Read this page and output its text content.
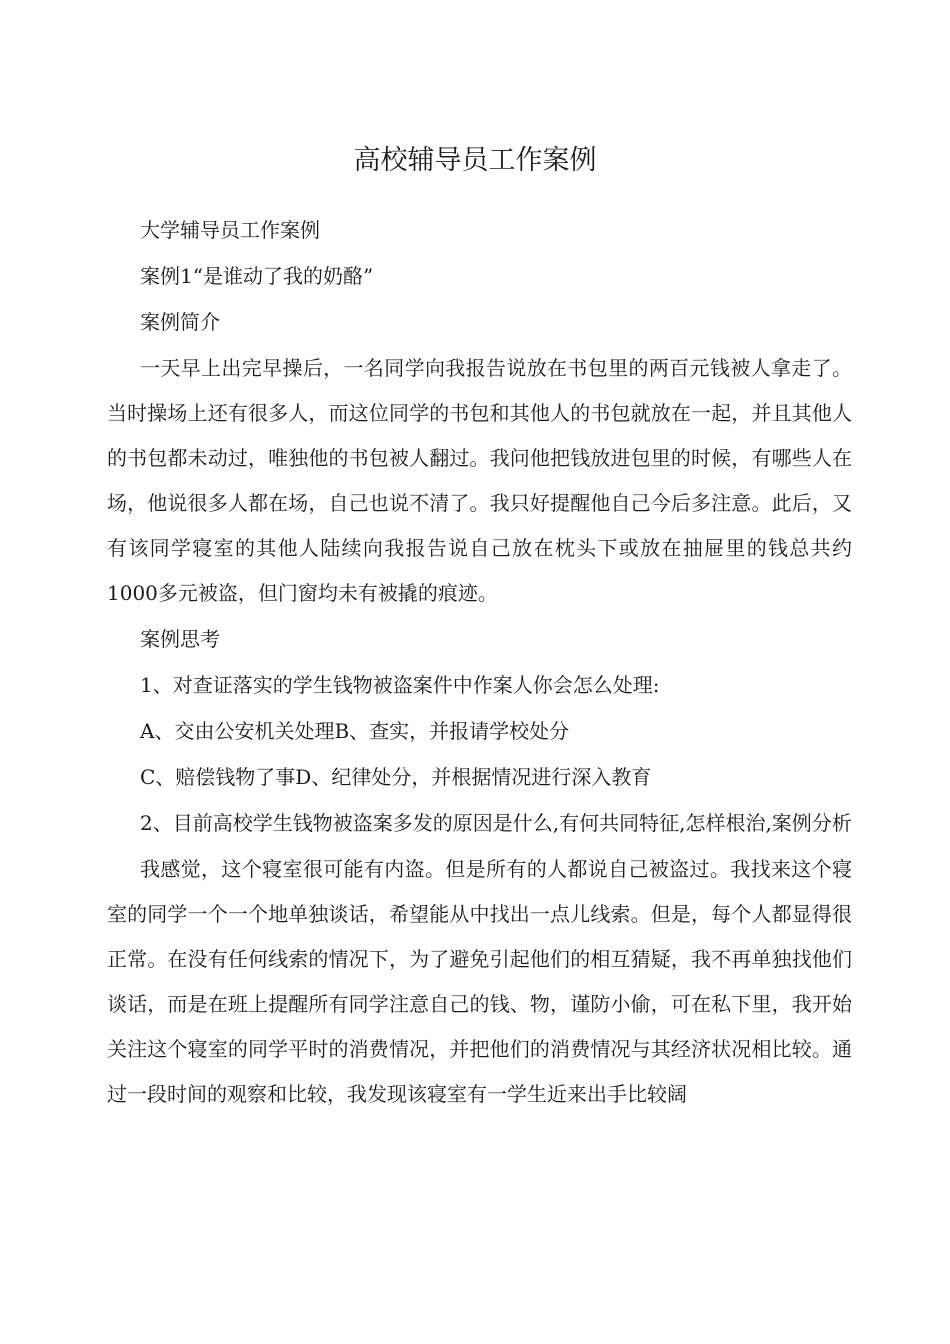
高校辅导员工作案例

大学辅导员工作案例

案例1“是谁动了我的奶酪”

案例简介

一天早上出完早操后，一名同学向我报告说放在书包里的两百元钱被人拿走了。当时操场上还有很多人，而这位同学的书包和其他人的书包就放在一起，并且其他人的书包都未动过，唯独他的书包被人翻过。我问他把钱放进包里的时候，有哪些人在场，他说很多人都在场，自己也说不清了。我只好提醒他自己今后多注意。此后，又有该同学寝室的其他人陆续向我报告说自己放在枕头下或放在抽屉里的钱总共约1000多元被盗，但门窗均未有被撬的痕迹。

案例思考

1、对查证落实的学生钱物被盗案件中作案人你会怎么处理:

A、交由公安机关处理B、查实，并报请学校处分

C、赔偿钱物了事D、纪律处分，并根据情况进行深入教育

2、目前高校学生钱物被盗案多发的原因是什么,有何共同特征,怎样根治,案例分析

我感觉，这个寝室很可能有内盗。但是所有的人都说自己被盗过。我找来这个寝室的同学一个一个地单独谈话，希望能从中找出一点儿线索。但是，每个人都显得很正常。在没有任何线索的情况下，为了避免引起他们的相互猜疑，我不再单独找他们谈话，而是在班上提醒所有同学注意自己的钱、物，谨防小偷，可在私下里，我开始关注这个寝室的同学平时的消费情况，并把他们的消费情况与其经济状况相比较。通过一段时间的观察和比较，我发现该寝室有一学生近来出手比较阔
